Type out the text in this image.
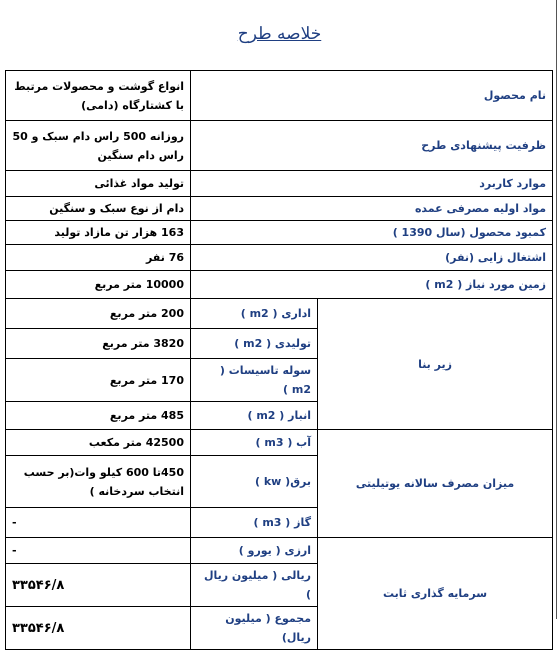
خلاصه طرح
نام محصول		انواع گوشت و محصولات مرتبط با کشتارگاه (دامی)
ظرفیت پیشنهادی طرح		روزانه 500 راس دام سبک و 50 راس دام سنگین
موارد کاربرد		تولید مواد غذائی
مواد اولیه مصرفی عمده		دام از نوع سبک و سنگین
کمبود محصول (سال 1390 )		163 هزار تن مازاد تولید
اشتغال زایی (نفر)		76 نفر
زمین مورد نیاز ( m2 )		10000 متر مربع
زیر بنا	اداری ( m2 )	200 متر مربع
	تولیدی ( m2 )	3820 متر مربع
	سوله تاسیسات ( m2 )	170 متر مربع
	انبار ( m2 )	485 متر مربع
میزان مصرف سالانه یوتیلیتی	آب ( m3 )	42500 متر مکعب
	برق( kw )	450تا 600 کیلو وات(بر حسب انتخاب سردخانه )
	گاز ( m3 )	-
سرمایه گذاری ثابت	ارزی ( یورو )	-
	ریالی ( میلیون ریال )	۳۳۵۴۶/۸
	مجموع ( میلیون ریال)	۳۳۵۴۶/۸
